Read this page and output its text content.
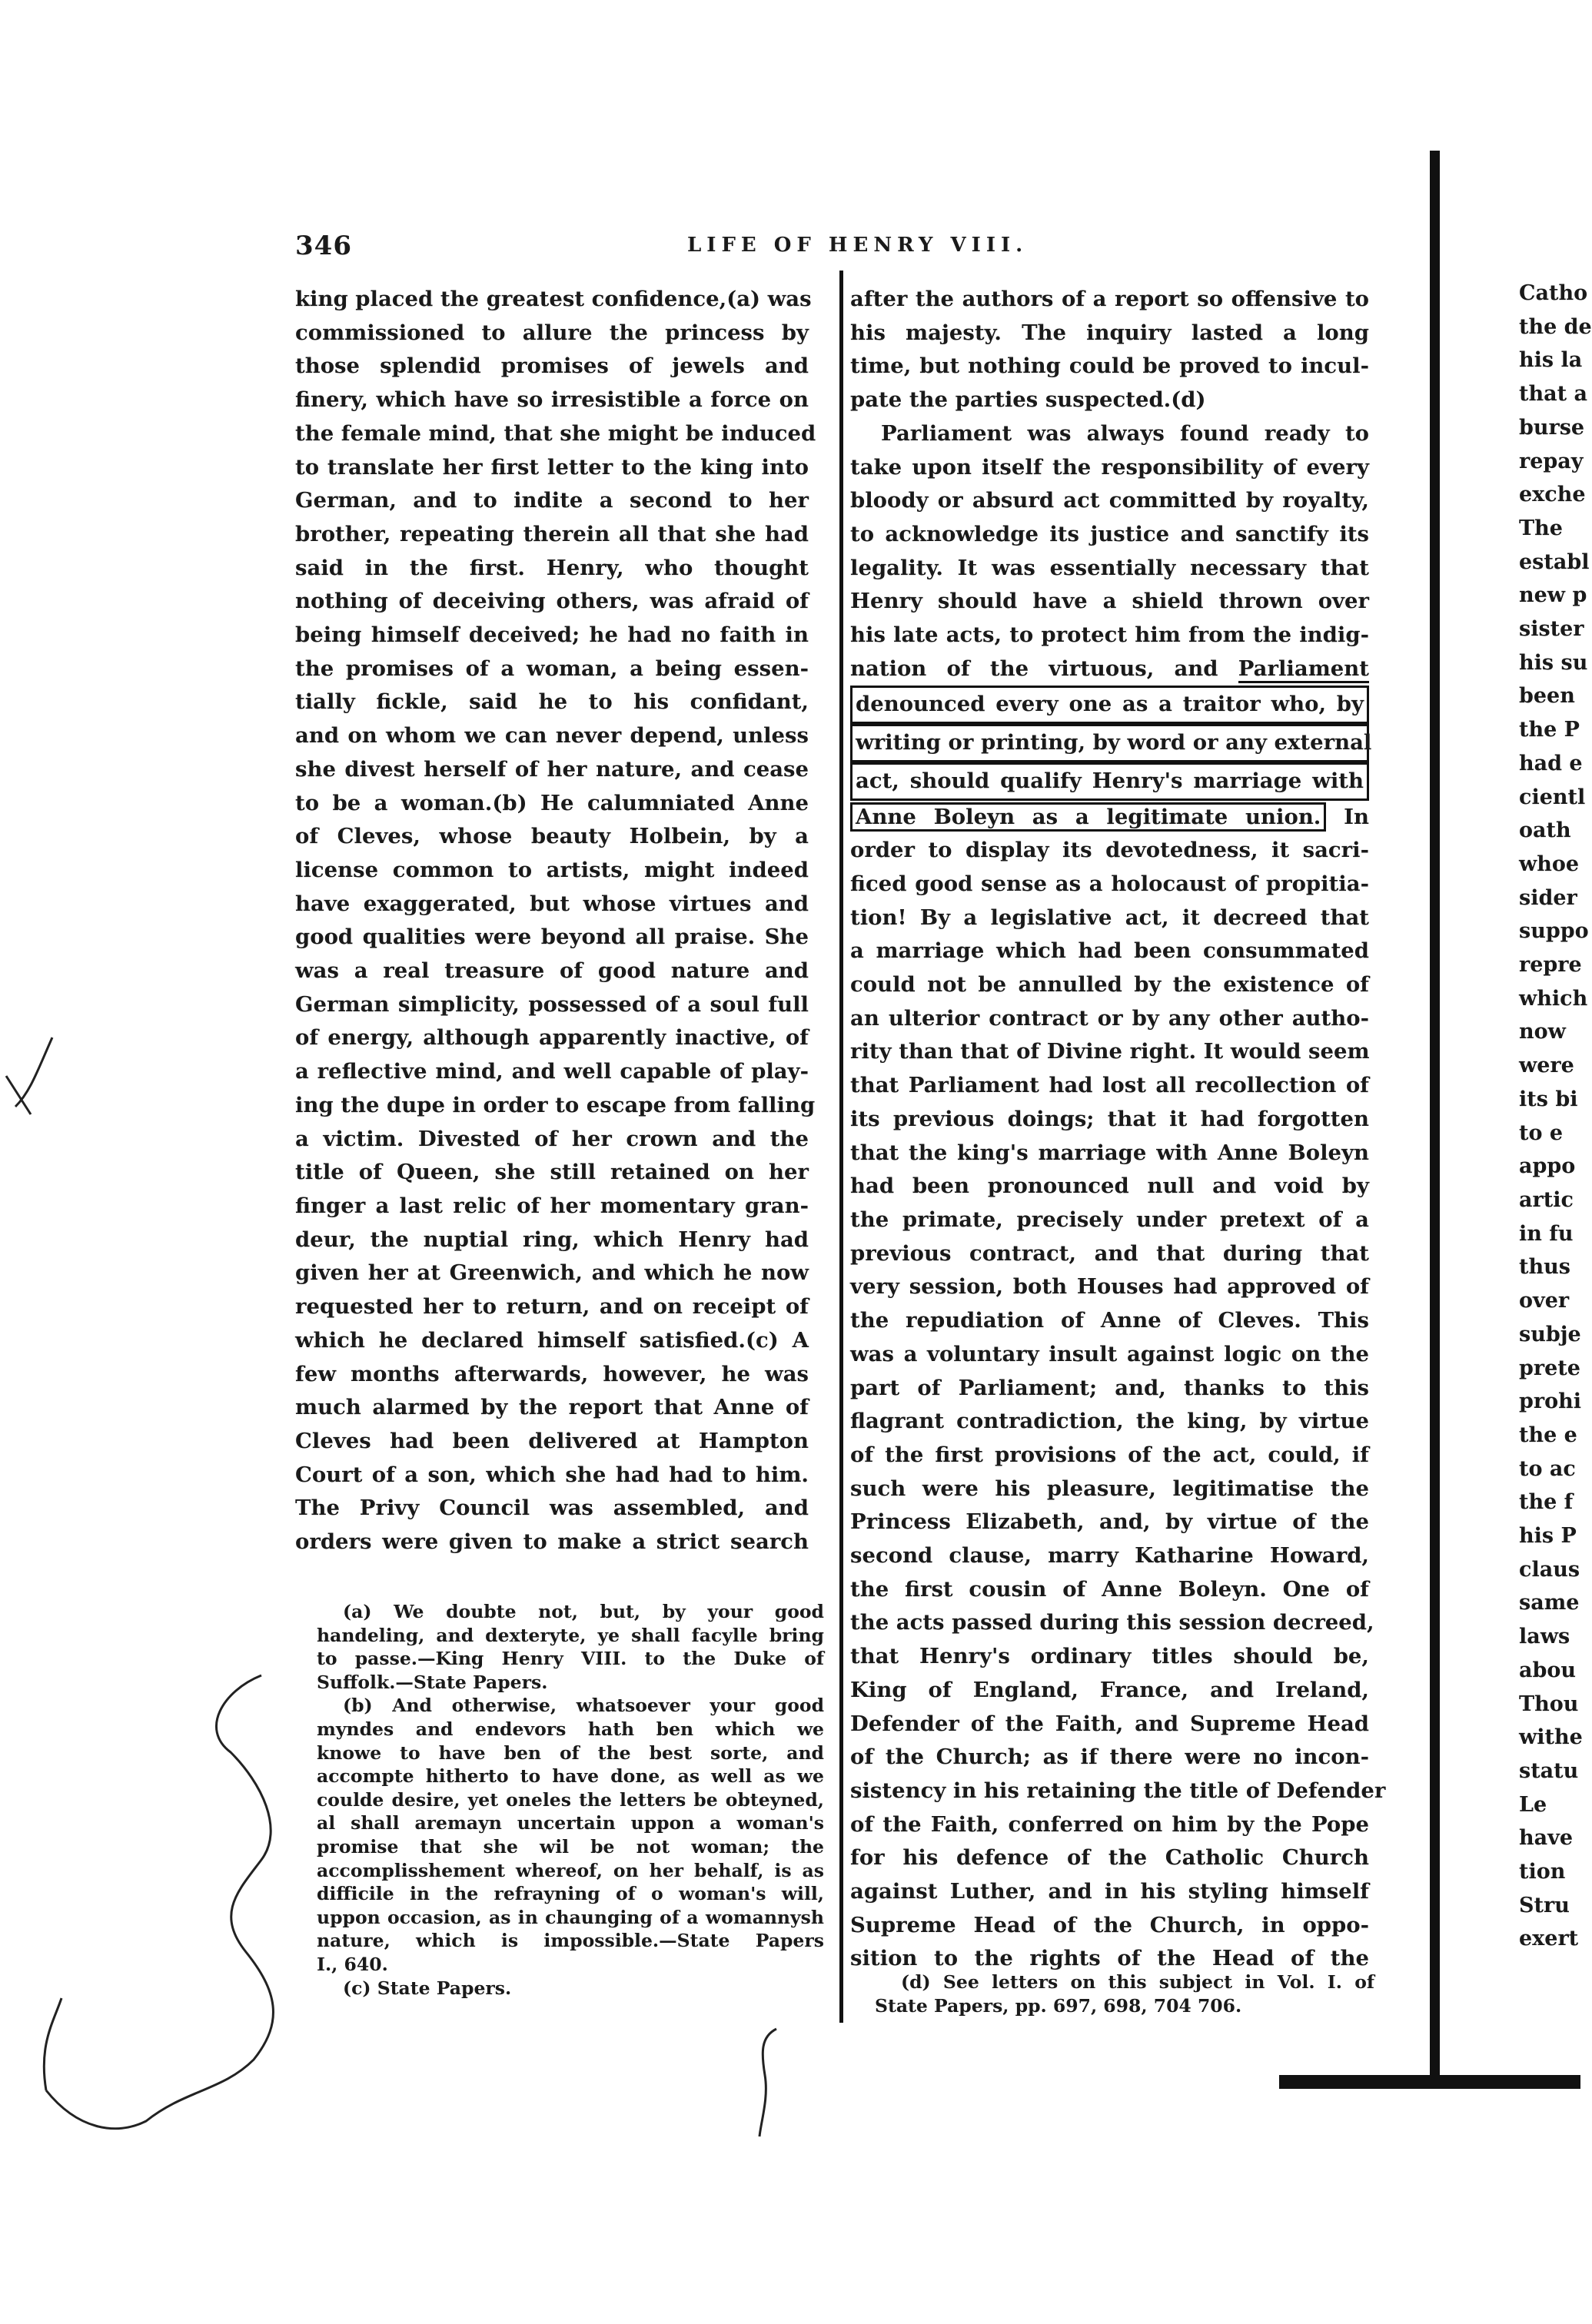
346	LIFE OF HENRY VIII.
king placed the greatest confidence,(a) was
commissioned to allure the princess by
those splendid promises of jewels and
finery, which have so irresistible a force on
the female mind, that she might be induced
to translate her first letter to the king into
German, and to indite a second to her
brother, repeating therein all that she had
said in the first. Henry, who thought
nothing of deceiving others, was afraid of
being himself deceived; he had no faith in
the promises of a woman, a being essen-
tially fickle, said he to his confidant,
and on whom we can never depend, unless
she divest herself of her nature, and cease
to be a woman.(b) He calumniated Anne
of Cleves, whose beauty Holbein, by a
license common to artists, might indeed
have exaggerated, but whose virtues and
good qualities were beyond all praise. She
was a real treasure of good nature and
German simplicity, possessed of a soul full
of energy, although apparently inactive, of
a reflective mind, and well capable of play-
ing the dupe in order to escape from falling
a victim. Divested of her crown and the
title of Queen, she still retained on her
finger a last relic of her momentary gran-
deur, the nuptial ring, which Henry had
given her at Greenwich, and which he now
requested her to return, and on receipt of
which he declared himself satisfied.(c) A
few months afterwards, however, he was
much alarmed by the report that Anne of
Cleves had been delivered at Hampton
Court of a son, which she had had to him.
The Privy Council was assembled, and
orders were given to make a strict search
after the authors of a report so offensive to
his majesty. The inquiry lasted a long
time, but nothing could be proved to incul-
pate the parties suspected.(d)
Parliament was always found ready to
take upon itself the responsibility of every
bloody or absurd act committed by royalty,
to acknowledge its justice and sanctify its
legality. It was essentially necessary that
Henry should have a shield thrown over
his late acts, to protect him from the indig-
nation of the virtuous, and Parliament
denounced every one as a traitor who, by
writing or printing, by word or any external
act, should qualify Henry's marriage with
Anne Boleyn as a legitimate union. In
order to display its devotedness, it sacri-
ficed good sense as a holocaust of propitia-
tion! By a legislative act, it decreed that
a marriage which had been consummated
could not be annulled by the existence of
an ulterior contract or by any other autho-
rity than that of Divine right. It would seem
that Parliament had lost all recollection of
its previous doings; that it had forgotten
that the king's marriage with Anne Boleyn
had been pronounced null and void by
the primate, precisely under pretext of a
previous contract, and that during that
very session, both Houses had approved of
the repudiation of Anne of Cleves. This
was a voluntary insult against logic on the
part of Parliament; and, thanks to this
flagrant contradiction, the king, by virtue
of the first provisions of the act, could, if
such were his pleasure, legitimatise the
Princess Elizabeth, and, by virtue of the
second clause, marry Katharine Howard,
the first cousin of Anne Boleyn. One of
the acts passed during this session decreed,
that Henry's ordinary titles should be,
King of England, France, and Ireland,
Defender of the Faith, and Supreme Head
of the Church; as if there were no incon-
sistency in his retaining the title of Defender
of the Faith, conferred on him by the Pope
for his defence of the Catholic Church
against Luther, and in his styling himself
Supreme Head of the Church, in oppo-
sition to the rights of the Head of the
(a) We doubte not, but, by your good
handeling, and dexteryte, ye shall facylle bring
to passe.—King Henry VIII. to the Duke of
Suffolk.—State Papers.
(b) And otherwise, whatsoever your good
myndes and endevors hath ben which we
knowe to have ben of the best sorte, and
accompte hitherto to have done, as well as we
coulde desire, yet oneles the letters be obteyned,
al shall aremayn uncertain uppon a woman's
promise that she wil be not woman; the
accomplisshement whereof, on her behalf, is as
difficile in the refrayning of o woman's will,
uppon occasion, as in chaunging of a womannysh
nature, which is impossible.—State Papers
I., 640.
(c) State Papers.	(d) See letters on this subject in Vol. I. of
State Papers, pp. 697, 698, 704 706.
Catho
the de
his la
that a
burse
repay
exche
The
establ
new p
sister
his su
been
the P
had e
cientl
oath
whoe
sider
suppo
repre
which
now
were
its bi
to e
appo
artic
in fu
thus
over
subje
prete
prohi
the e
to ac
the f
his P
claus
same
laws
abou
Thou
withe
statu
Le
have
tion
Stru
exert
